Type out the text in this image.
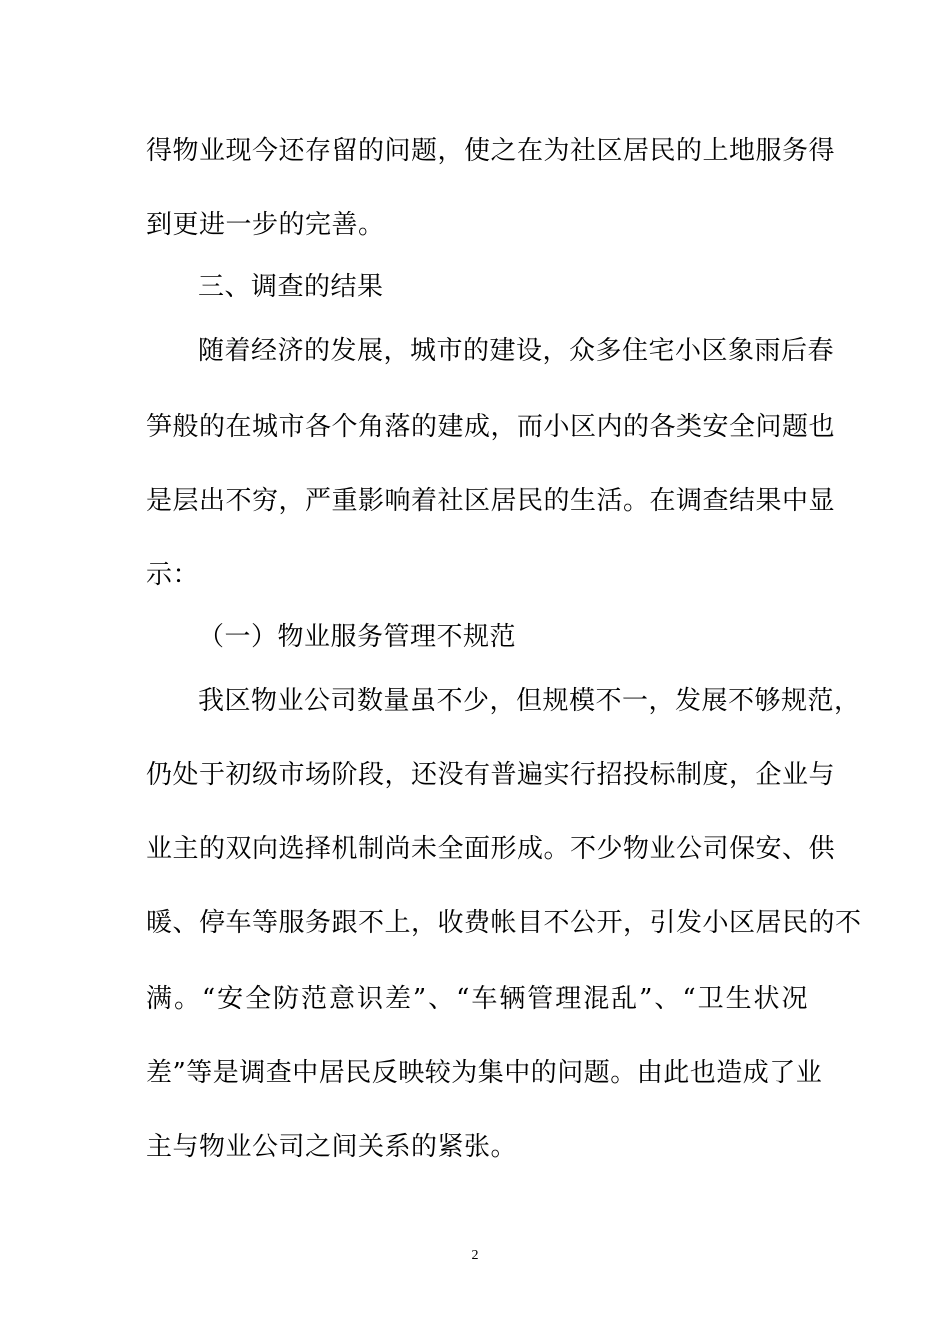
得物业现今还存留的问题，使之在为社区居民的上地服务得
到更进一步的完善。
三、调查的结果
随着经济的发展，城市的建设，众多住宅小区象雨后春
笋般的在城市各个角落的建成，而小区内的各类安全问题也
是层出不穷，严重影响着社区居民的生活。在调查结果中显
示：
（一）物业服务管理不规范
我区物业公司数量虽不少，但规模不一，发展不够规范，
仍处于初级市场阶段，还没有普遍实行招投标制度，企业与
业主的双向选择机制尚未全面形成。不少物业公司保安、供
暖、停车等服务跟不上，收费帐目不公开，引发小区居民的不
满。“安全防范意识差”、“车辆管理混乱”、“卫生状况
差”等是调查中居民反映较为集中的问题。由此也造成了业
主与物业公司之间关系的紧张。
2
